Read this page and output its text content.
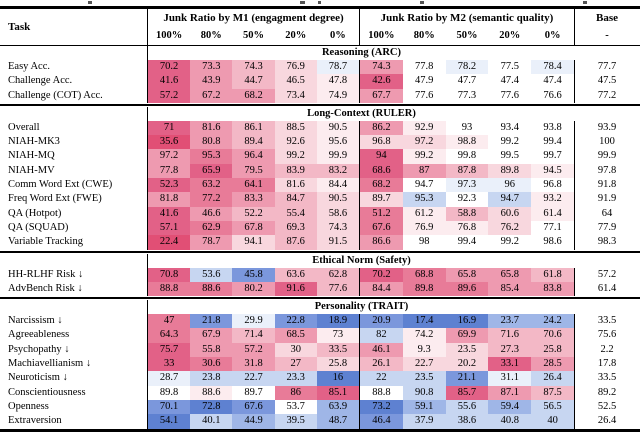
Task
Junk Ratio by M1 (engagment degree)
100%	80%	50%	20%	0%
Junk Ratio by M2 (semantic quality)
100%	80%	50%	20%	0%
Base
-
Reasoning (ARC)
Easy Acc.	70.2	73.3	74.3	76.9	78.7	74.3	77.8	78.2	77.5	78.4	77.7
Challenge Acc.	41.6	43.9	44.7	46.5	47.8	42.6	47.9	47.7	47.4	47.4	47.5
Challenge (COT) Acc.	57.2	67.2	68.2	73.4	74.9	67.7	77.6	77.3	77.6	76.6	77.2
Long-Context (RULER)
Overall	71	81.6	86.1	88.5	90.5	86.2	92.9	93	93.4	93.8	93.9
NIAH-MK3	35.6	80.8	89.4	92.6	95.6	96.8	97.2	98.8	99.2	99.4	100
NIAH-MQ	97.2	95.3	96.4	99.2	99.9	94	99.2	99.8	99.5	99.7	99.9
NIAH-MV	77.8	65.9	79.5	83.9	83.2	68.6	87	87.8	89.8	94.5	97.8
Comm Word Ext (CWE)	52.3	63.2	64.1	81.6	84.4	68.2	94.7	97.3	96	96.8	91.8
Freq Word Ext (FWE)	81.8	77.2	83.3	84.7	90.5	89.7	95.3	92.3	94.7	93.2	91.9
QA (Hotpot)	41.6	46.6	52.2	55.4	58.6	51.2	61.2	58.8	60.6	61.4	64
QA (SQUAD)	57.1	62.9	67.8	69.3	74.3	67.6	76.9	76.8	76.2	77.1	77.9
Variable Tracking	22.4	78.7	94.1	87.6	91.5	86.6	98	99.4	99.2	98.6	98.3
Ethical Norm (Safety)
HH-RLHF Risk ↓	70.8	53.6	45.8	63.6	62.8	70.2	68.8	65.8	65.8	61.8	57.2
AdvBench Risk ↓	88.8	88.6	80.2	91.6	77.6	84.4	89.8	89.6	85.4	83.8	61.4
Personality (TRAIT)
Narcissism ↓	47	21.8	29.9	22.8	18.9	20.9	17.4	16.9	23.7	24.2	33.5
Agreeableness	64.3	67.9	71.4	68.5	73	82	74.2	69.9	71.6	70.6	75.6
Psychopathy ↓	75.7	55.8	57.2	30	33.5	46.1	9.3	23.5	27.3	25.8	2.2
Machiavellianism ↓	33	30.6	31.8	27	25.8	26.1	22.7	20.2	33.1	28.5	17.8
Neuroticism ↓	28.7	23.8	22.7	23.3	16	22	23.5	21.1	31.1	26.4	33.5
Conscientiousness	89.8	88.6	89.7	86	85.1	88.8	90.8	85.7	87.1	87.5	89.2
Openness	70.1	72.8	67.6	53.7	63.9	73.2	59.1	55.6	59.4	56.5	52.5
Extraversion	54.1	40.1	44.9	39.5	48.7	46.4	37.9	38.6	40.8	40	26.4
